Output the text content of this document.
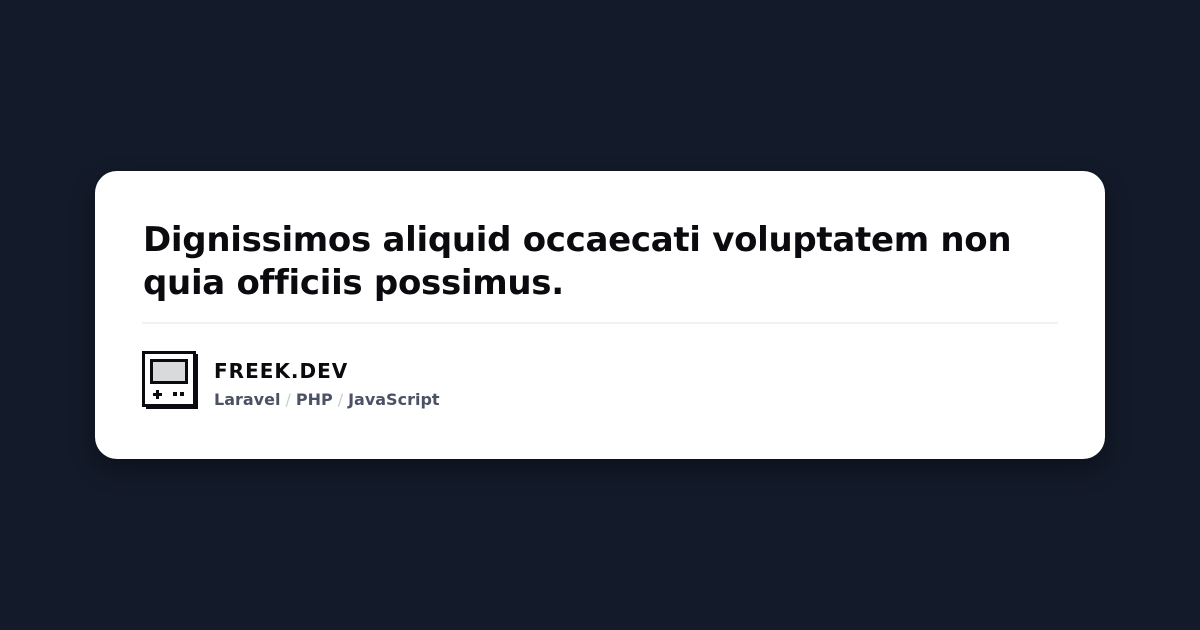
Dignissimos aliquid occaecati voluptatem non quia officiis possimus.
FREEK.DEV
Laravel / PHP / JavaScript
